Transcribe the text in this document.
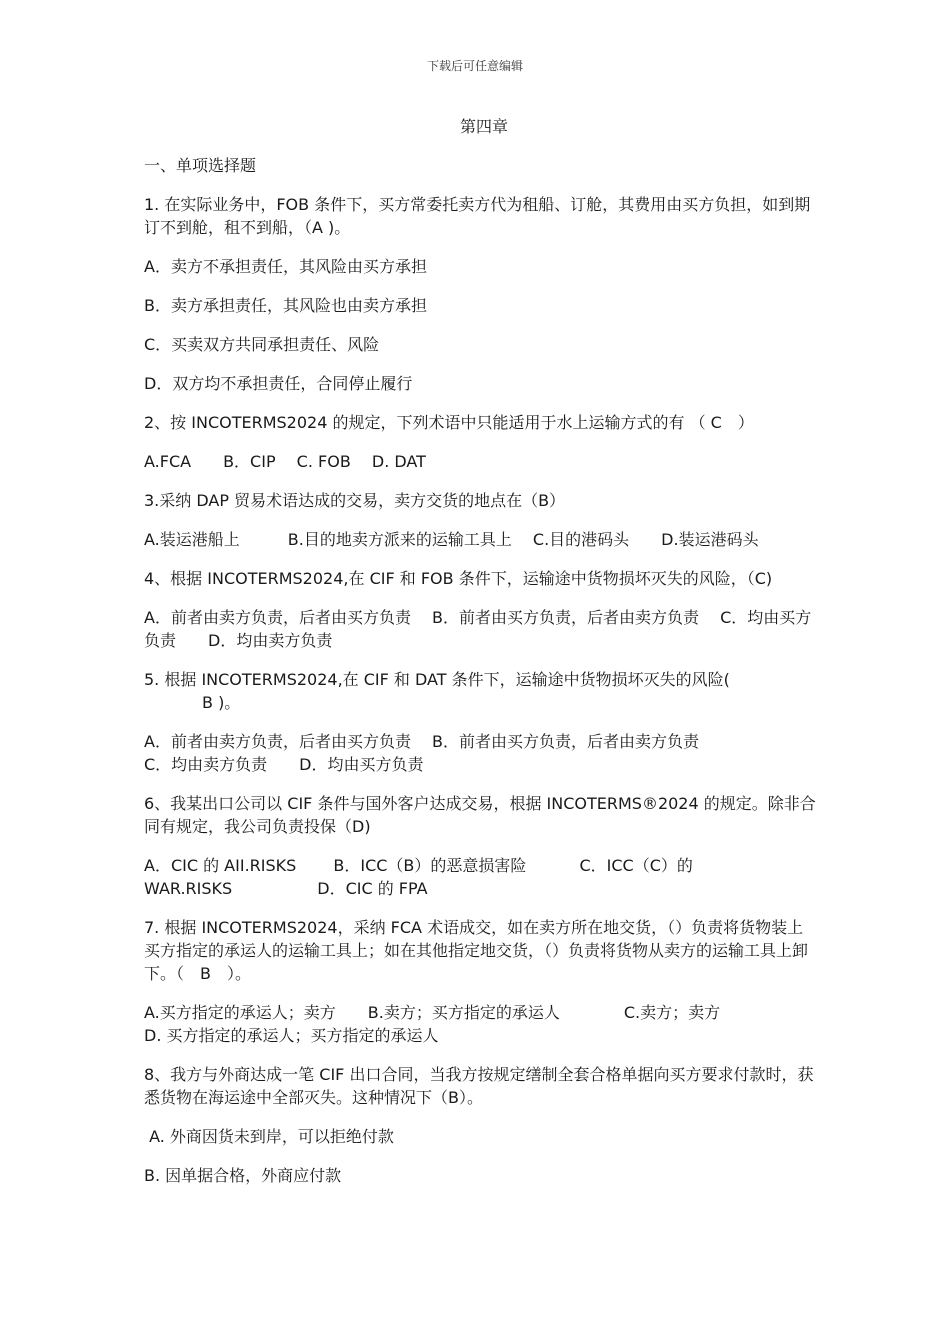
下载后可任意编辑
第四章

一、单项选择题

1. 在实际业务中，FOB 条件下，买方常委托卖方代为租船、订舱，其费用由买方负担，如到期订不到舱，租不到船，（A )。

A．卖方不承担责任，其风险由买方承担

B．卖方承担责任，其风险也由卖方承担

C．买卖双方共同承担责任、风险

D．双方均不承担责任，合同停止履行

2、按 INCOTERMS2024 的规定，下列术语中只能适用于水上运输方式的有 （ C　）

A.FCA　　B．CIP　 C. FOB　 D. DAT

3.采纳 DAP 贸易术语达成的交易，卖方交货的地点在（B）

A.装运港船上　　　B.目的地卖方派来的运输工具上　 C.目的港码头　　D.装运港码头

4、根据 INCOTERMS2024,在 CIF 和 FOB 条件下，运输途中货物损坏灭失的风险，（C)

A．前者由卖方负责，后者由买方负责　 B．前者由买方负责，后者由卖方负责　 C．均由买方负责　　D．均由卖方负责

5. 根据 INCOTERMS2024,在 CIF 和 DAT 条件下，运输途中货物损坏灭失的风险(
B )。

A．前者由卖方负责，后者由买方负责　 B．前者由买方负责，后者由卖方负责
C．均由卖方负责　　D．均由买方负责

6、我某出口公司以 CIF 条件与国外客户达成交易，根据 INCOTERMS®2024 的规定。除非合同有规定，我公司负责投保（D)

A．CIC 的 AII.RISKS　　 B．ICC（B）的恶意损害险　　　 C．ICC（C）的
WAR.RISKS　　　　　 D．CIC 的 FPA

7. 根据 INCOTERMS2024，采纳 FCA 术语成交，如在卖方所在地交货，（）负责将货物装上买方指定的承运人的运输工具上；如在其他指定地交货，（）负责将货物从卖方的运输工具上卸下。（　B　）。

A.买方指定的承运人；卖方　　B.卖方；买方指定的承运人　　　　C.卖方；卖方
D. 买方指定的承运人；买方指定的承运人

8、我方与外商达成一笔 CIF 出口合同，当我方按规定缮制全套合格单据向买方要求付款时，获悉货物在海运途中全部灭失。这种情况下（B）。

A. 外商因货未到岸，可以拒绝付款

B. 因单据合格，外商应付款
